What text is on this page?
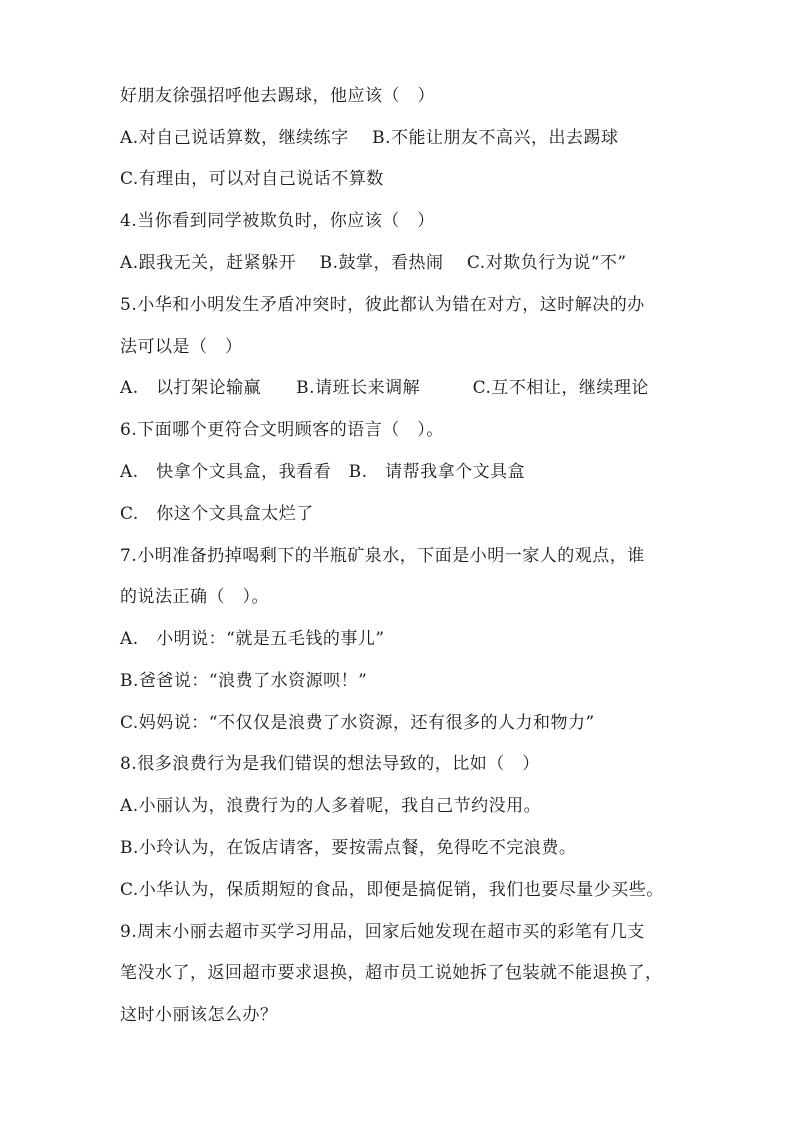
好朋友徐强招呼他去踢球，他应该（　）
A.对自己说话算数，继续练字　 B.不能让朋友不高兴，出去踢球
C.有理由，可以对自己说话不算数
4.当你看到同学被欺负时，你应该（　）
A.跟我无关，赶紧躲开　 B.鼓掌，看热闹　 C.对欺负行为说“不”
5.小华和小明发生矛盾冲突时，彼此都认为错在对方，这时解决的办
法可以是（　）
A.　以打架论输赢　　B.请班长来调解　　　C.互不相让，继续理论
6.下面哪个更符合文明顾客的语言（　）。
A.　快拿个文具盒，我看看　B.　请帮我拿个文具盒
C.　你这个文具盒太烂了
7.小明准备扔掉喝剩下的半瓶矿泉水，下面是小明一家人的观点，谁
的说法正确（　）。
A.　小明说：“就是五毛钱的事儿”
B.爸爸说：“浪费了水资源呗！”
C.妈妈说：“不仅仅是浪费了水资源，还有很多的人力和物力”
8.很多浪费行为是我们错误的想法导致的，比如（　）
A.小丽认为，浪费行为的人多着呢，我自己节约没用。
B.小玲认为，在饭店请客，要按需点餐，免得吃不完浪费。
C.小华认为，保质期短的食品，即便是搞促销，我们也要尽量少买些。
9.周末小丽去超市买学习用品，回家后她发现在超市买的彩笔有几支
笔没水了，返回超市要求退换，超市员工说她拆了包装就不能退换了，
这时小丽该怎么办？
